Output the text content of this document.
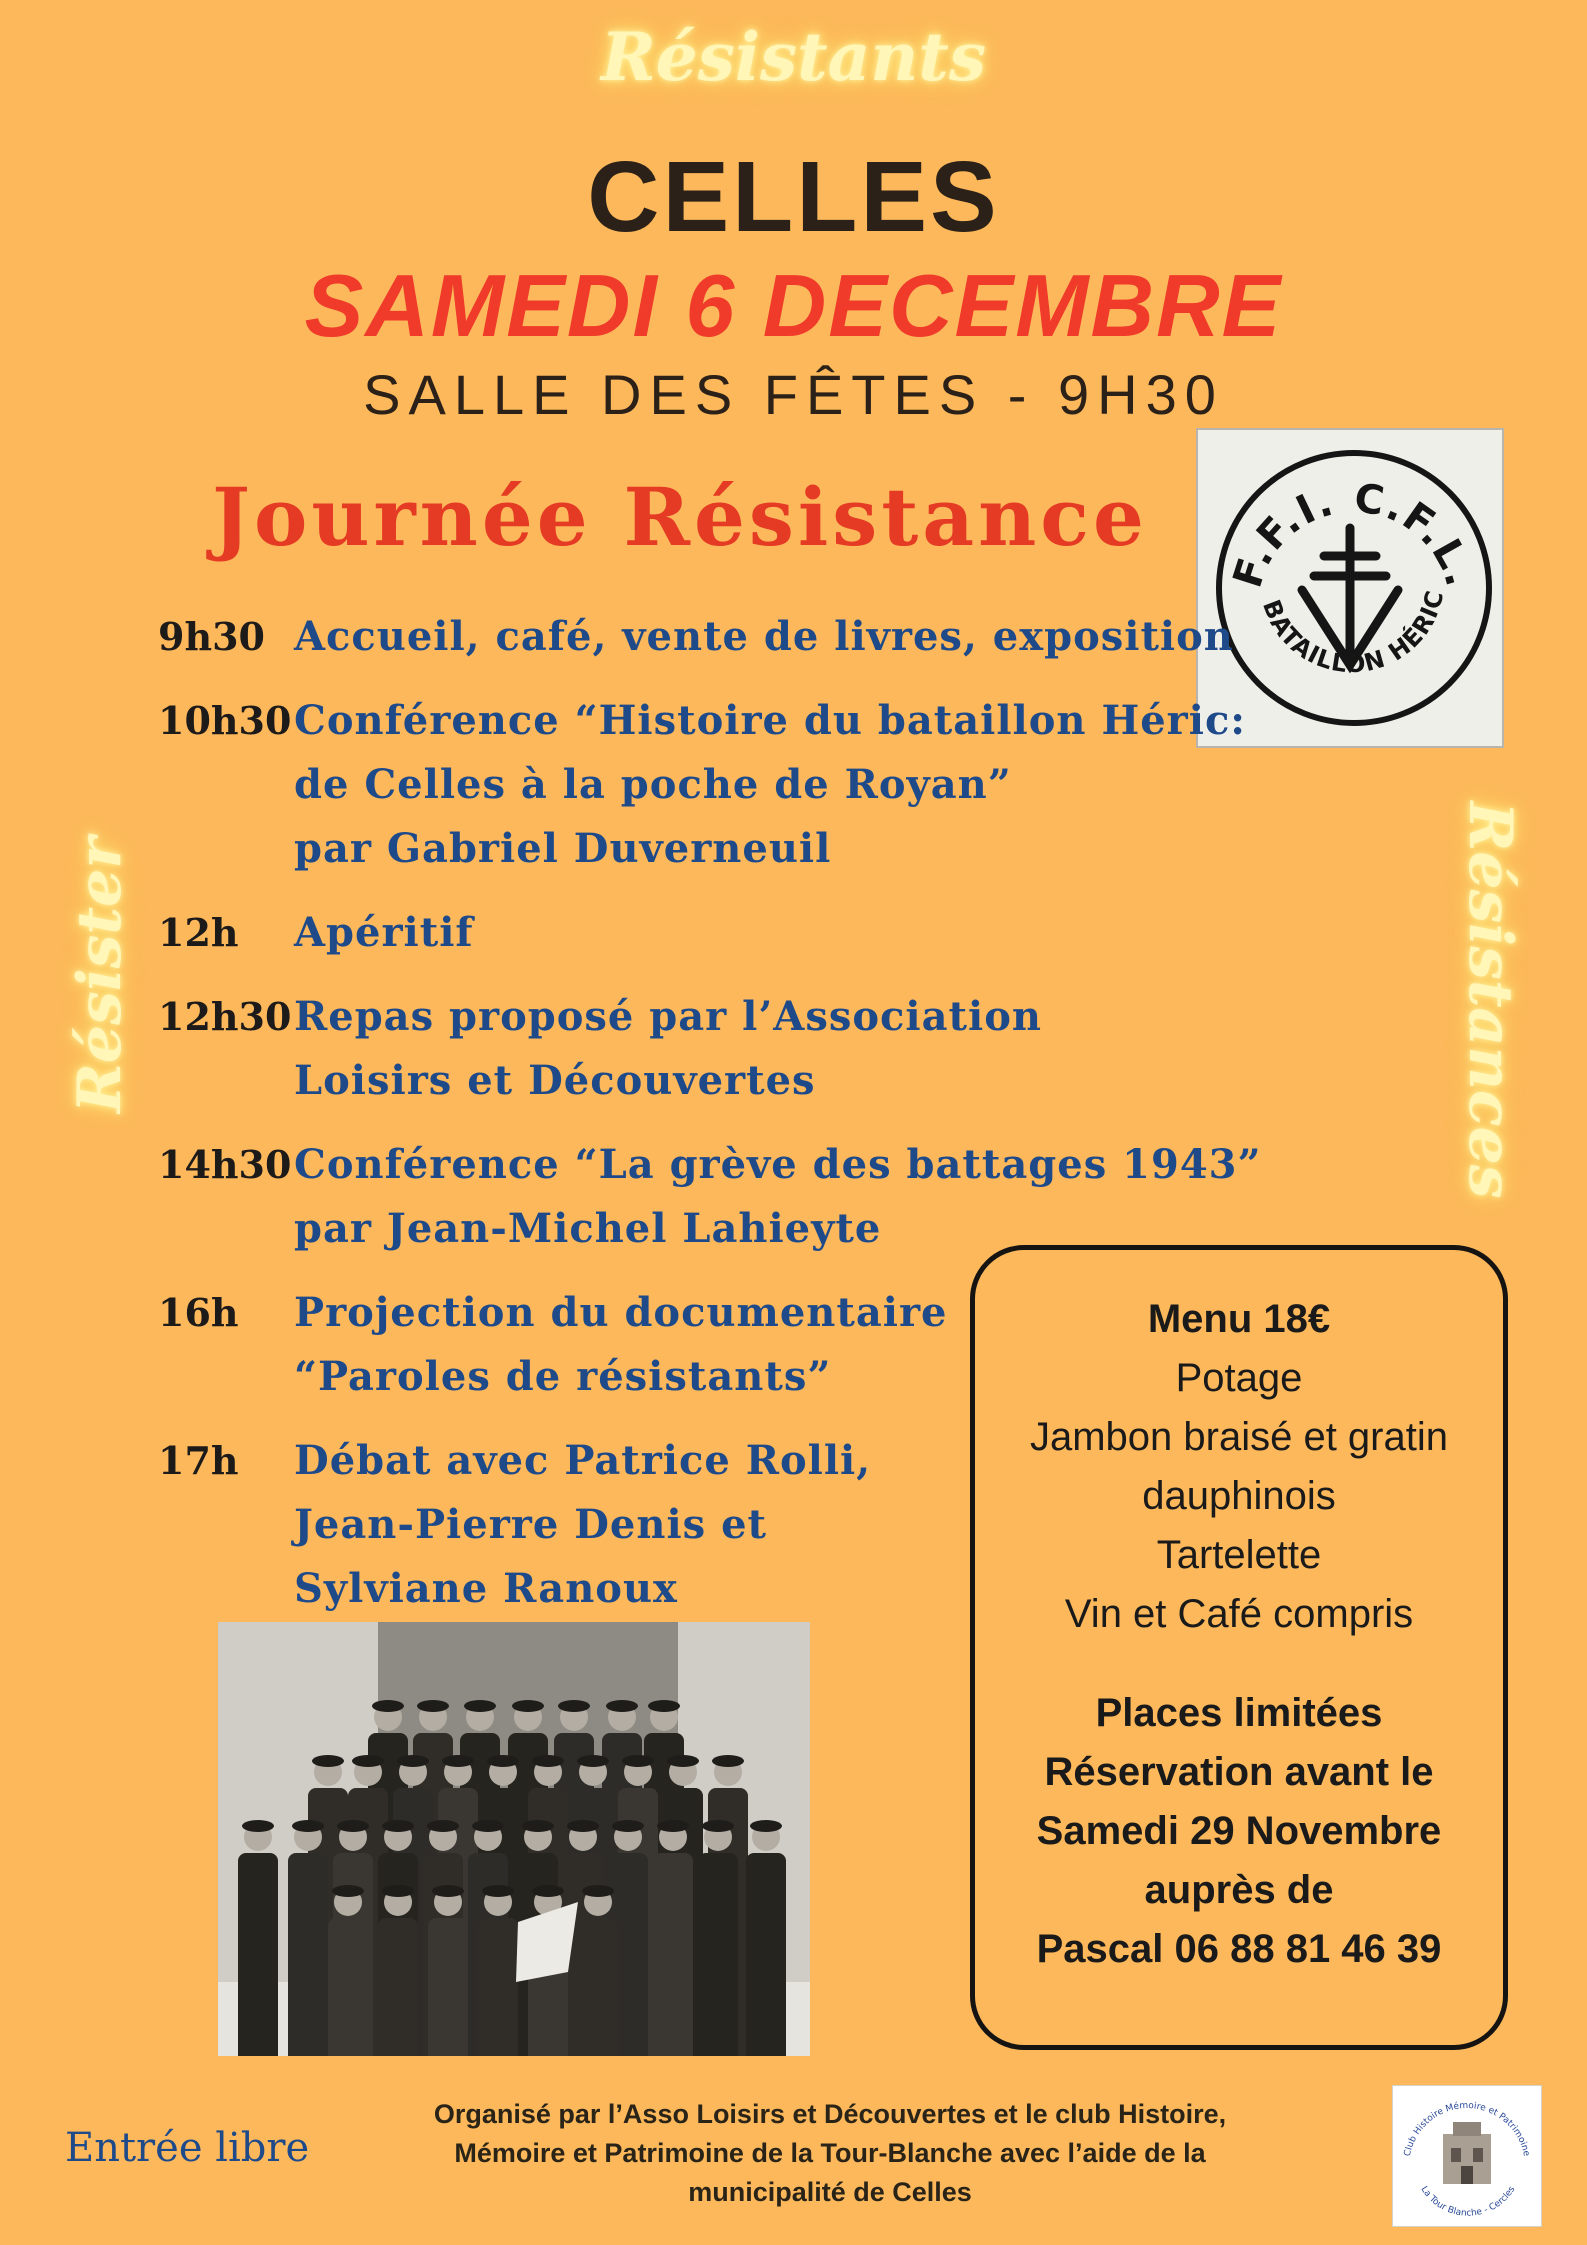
Résistants
Résister	Résistances
CELLES
SAMEDI 6 DECEMBRE
SALLE DES FÊTES - 9H30
Journée Résistance
F.F.I. C.F.L.
BATAILLON HÉRIC
9h30 Accueil, café, vente de livres, exposition
10h30 Conférence “Histoire du bataillon Héric:
de Celles à la poche de Royan”
par Gabriel Duverneuil
12h	Apéritif
12h30 Repas proposé par l’Association
Loisirs et Découvertes
14h30 Conférence “La grève des battages 1943”
par Jean-Michel Lahieyte
16h	Projection du documentaire
“Paroles de résistants”
17h	Débat avec Patrice Rolli,
Jean-Pierre Denis et
Sylviane Ranoux
Menu 18€
Potage
Jambon braisé et gratin
dauphinois
Tartelette
Vin et Café compris
Places limitées
Réservation avant le
Samedi 29 Novembre
auprès de
Pascal 06 88 81 46 39
Entrée libre
Organisé par l’Asso Loisirs et Découvertes et le club Histoire,
Mémoire et Patrimoine de la Tour-Blanche avec l’aide de la
municipalité de Celles
Club Histoire Mémoire et Patrimoine
La Tour Blanche - Cercles
